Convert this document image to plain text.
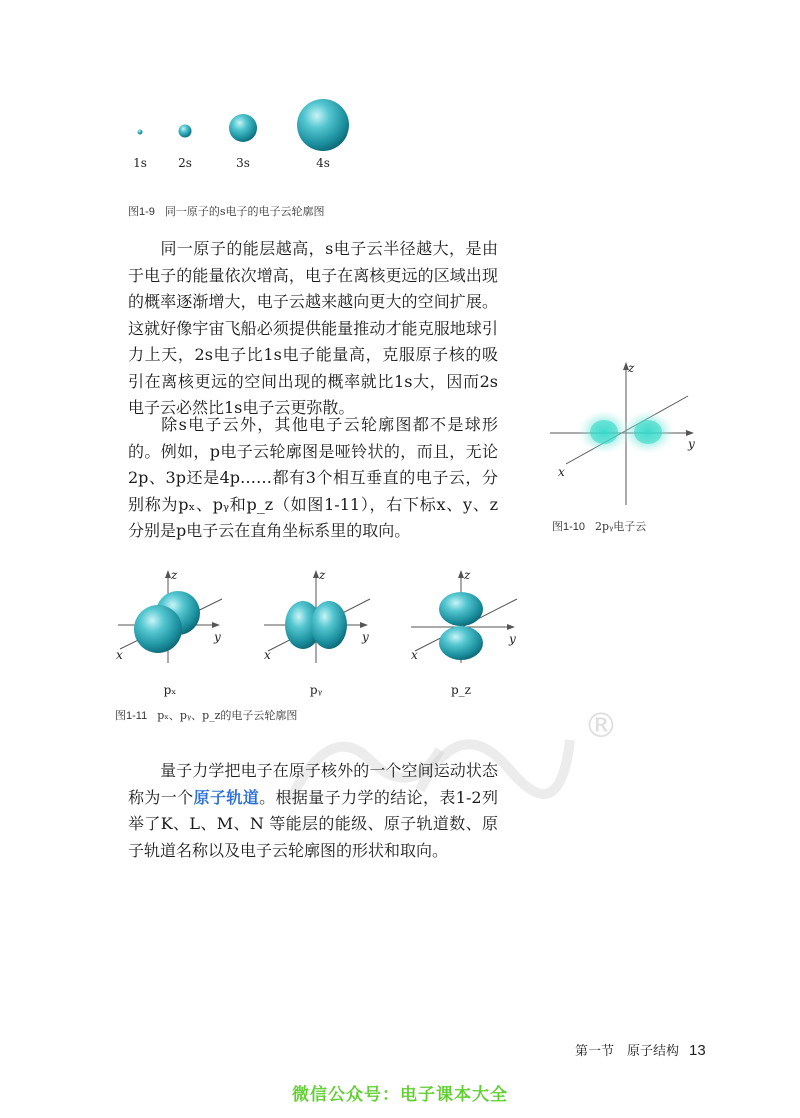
®
1s	2s	3s	4s
图1-9 同一原子的s电子的电子云轮廓图
同一原子的能层越高，s电子云半径越大，是由于电子的能量依次增高，电子在离核更远的区域出现的概率逐渐增大，电子云越来越向更大的空间扩展。这就好像宇宙飞船必须提供能量推动才能克服地球引力上天，2s电子比1s电子能量高，克服原子核的吸引在离核更远的空间出现的概率就比1s大，因而2s电子云必然比1s电子云更弥散。
除s电子云外，其他电子云轮廓图都不是球形的。例如，p电子云轮廓图是哑铃状的，而且，无论2p、3p还是4p……都有3个相互垂直的电子云，分别称为pₓ、pᵧ和p_z（如图1-11），右下标x、y、z分别是p电子云在直角坐标系里的取向。
z
y
x
图1-10 2pᵧ电子云
z
y
x
z
y
x
z
y
x
pₓ	pᵧ	p_z
图1-11 pₓ、pᵧ、p_z的电子云轮廓图
量子力学把电子在原子核外的一个空间运动状态称为一个原子轨道。根据量子力学的结论，表1-2列举了K、L、M、N 等能层的能级、原子轨道数、原子轨道名称以及电子云轮廓图的形状和取向。
第一节　原子结构 13
微信公众号：电子课本大全
